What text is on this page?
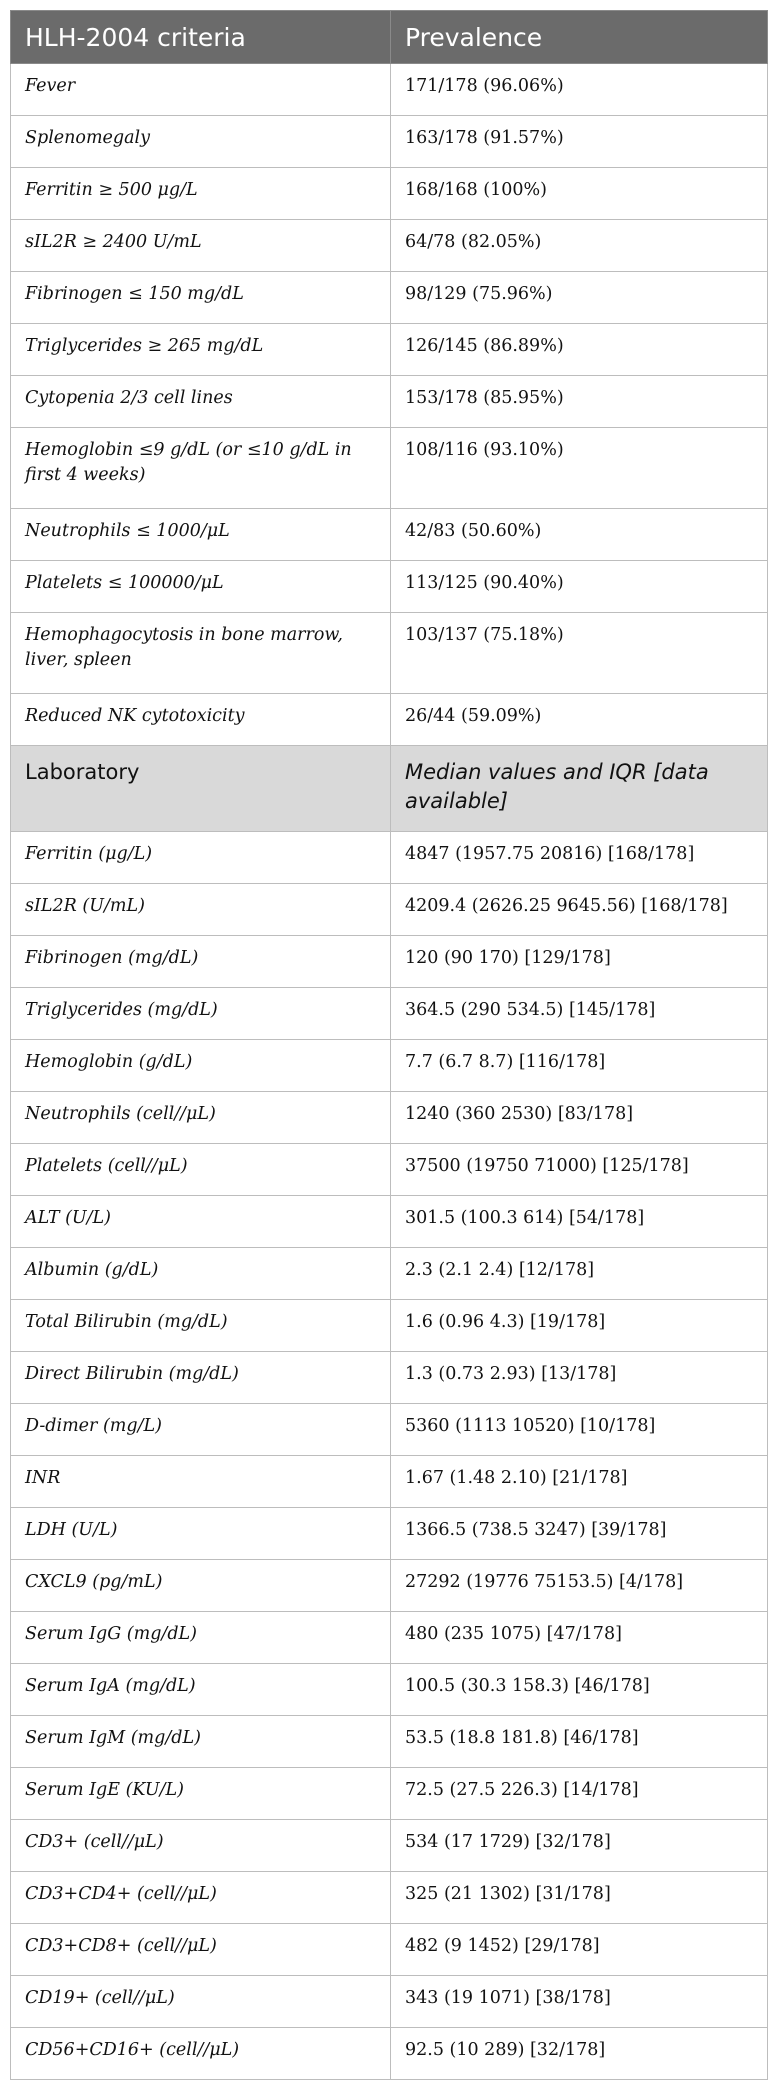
HLH-2004 criteria	Prevalence
Fever	171/178 (96.06%)
Splenomegaly	163/178 (91.57%)
Ferritin ≥ 500 μg/L	168/168 (100%)
sIL2R ≥ 2400 U/mL	64/78 (82.05%)
Fibrinogen ≤ 150 mg/dL	98/129 (75.96%)
Triglycerides ≥ 265 mg/dL	126/145 (86.89%)
Cytopenia 2/3 cell lines	153/178 (85.95%)
Hemoglobin ≤9 g/dL (or ≤10 g/dL in first 4 weeks)	108/116 (93.10%)
Neutrophils ≤ 1000/μL	42/83 (50.60%)
Platelets ≤ 100000/μL	113/125 (90.40%)
Hemophagocytosis in bone marrow, liver, spleen	103/137 (75.18%)
Reduced NK cytotoxicity	26/44 (59.09%)
Laboratory	Median values and IQR [data available]
Ferritin (μg/L)	4847 (1957.75 20816) [168/178]
sIL2R (U/mL)	4209.4 (2626.25 9645.56) [168/178]
Fibrinogen (mg/dL)	120 (90 170) [129/178]
Triglycerides (mg/dL)	364.5 (290 534.5) [145/178]
Hemoglobin (g/dL)	7.7 (6.7 8.7) [116/178]
Neutrophils (cell//μL)	1240 (360 2530) [83/178]
Platelets (cell//μL)	37500 (19750 71000) [125/178]
ALT (U/L)	301.5 (100.3 614) [54/178]
Albumin (g/dL)	2.3 (2.1 2.4) [12/178]
Total Bilirubin (mg/dL)	1.6 (0.96 4.3) [19/178]
Direct Bilirubin (mg/dL)	1.3 (0.73 2.93) [13/178]
D-dimer (mg/L)	5360 (1113 10520) [10/178]
INR	1.67 (1.48 2.10) [21/178]
LDH (U/L)	1366.5 (738.5 3247) [39/178]
CXCL9 (pg/mL)	27292 (19776 75153.5) [4/178]
Serum IgG (mg/dL)	480 (235 1075) [47/178]
Serum IgA (mg/dL)	100.5 (30.3 158.3) [46/178]
Serum IgM (mg/dL)	53.5 (18.8 181.8) [46/178]
Serum IgE (KU/L)	72.5 (27.5 226.3) [14/178]
CD3+ (cell//μL)	534 (17 1729) [32/178]
CD3+CD4+ (cell//μL)	325 (21 1302) [31/178]
CD3+CD8+ (cell//μL)	482 (9 1452) [29/178]
CD19+ (cell//μL)	343 (19 1071) [38/178]
CD56+CD16+ (cell//μL)	92.5 (10 289) [32/178]
